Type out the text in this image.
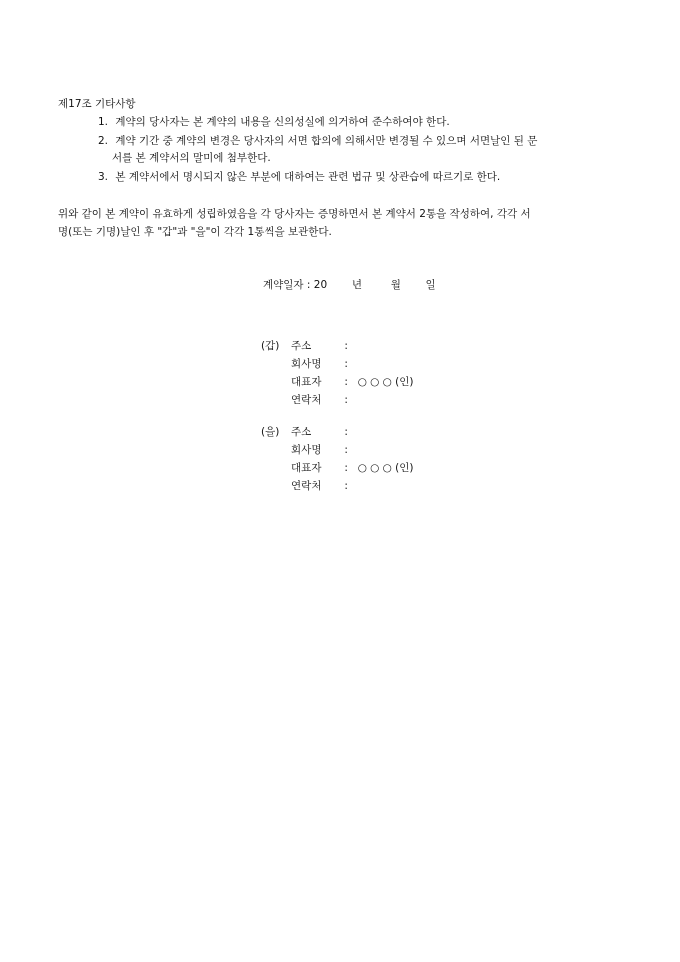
제17조 기타사항
1. 계약의 당사자는 본 계약의 내용을 신의성실에 의거하여 준수하여야 한다.
2. 계약 기간 중 계약의 변경은 당사자의 서면 합의에 의해서만 변경될 수 있으며 서면날인 된 문
서를 본 계약서의 말미에 첨부한다.
3. 본 계약서에서 명시되지 않은 부분에 대하여는 관련 법규 및 상관습에 따르기로 한다.
위와 같이 본 계약이 유효하게 성립하였음을 각 당사자는 증명하면서 본 계약서 2통을 작성하여, 각각 서
명(또는 기명)날인 후 "갑"과 "을"이 각각 1통씩을 보관한다.
계약일자 : 20 년	월 일
(갑)	주소	:
회사명 :
대표자 : ○ ○ ○ (인)
연락처 :
(을)	주소	:
회사명 :
대표자 : ○ ○ ○ (인)
연락처 :
